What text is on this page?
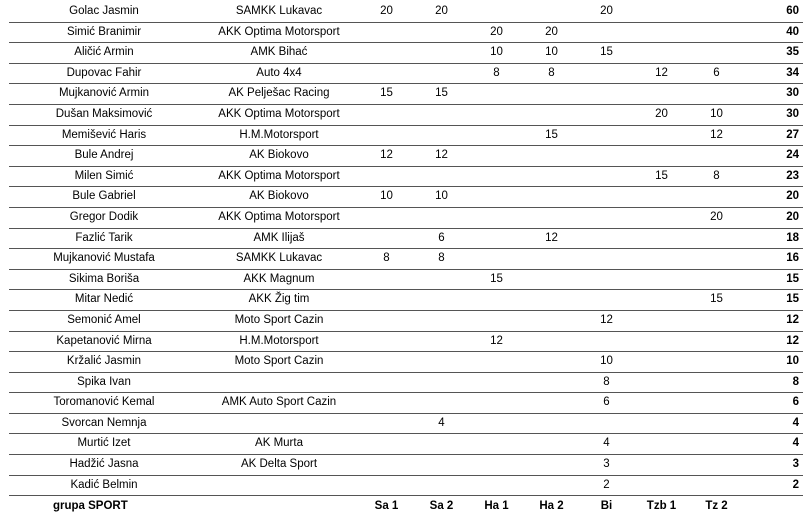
Golac Jasmin	SAMKK Lukavac	20	20			20			60
Simić Branimir	AKK Optima Motorsport			20	20				40
Aličić Armin	AMK Bihać			10	10	15			35
Dupovac Fahir	Auto 4x4			8	8		12	6	34
Mujkanović Armin	AK Pelješac Racing	15	15						30
Dušan Maksimović	AKK Optima Motorsport						20	10	30
Memišević Haris	H.M.Motorsport				15			12	27
Bule Andrej	AK Biokovo	12	12						24
Milen Simić	AKK Optima Motorsport						15	8	23
Bule Gabriel	AK Biokovo	10	10						20
Gregor Dodik	AKK Optima Motorsport							20	20
Fazlić Tarik	AMK Ilijaš		6		12				18
Mujkanović Mustafa	SAMKK Lukavac	8	8						16
Sikima Boriša	AKK Magnum			15					15
Mitar Nedić	AKK Žig tim							15	15
Semonić Amel	Moto Sport Cazin					12			12
Kapetanović Mirna	H.M.Motorsport			12					12
Kržalić Jasmin	Moto Sport Cazin					10			10
Spika Ivan						8			8
Toromanović Kemal	AMK Auto Sport Cazin					6			6
Svorcan Nemnja			4						4
Murtić Izet	AK Murta					4			4
Hadžić Jasna	AK Delta Sport					3			3
Kadić Belmin						2			2
grupa SPORT		Sa 1	Sa 2	Ha 1	Ha 2	Bi	Tzb 1	Tz 2	
